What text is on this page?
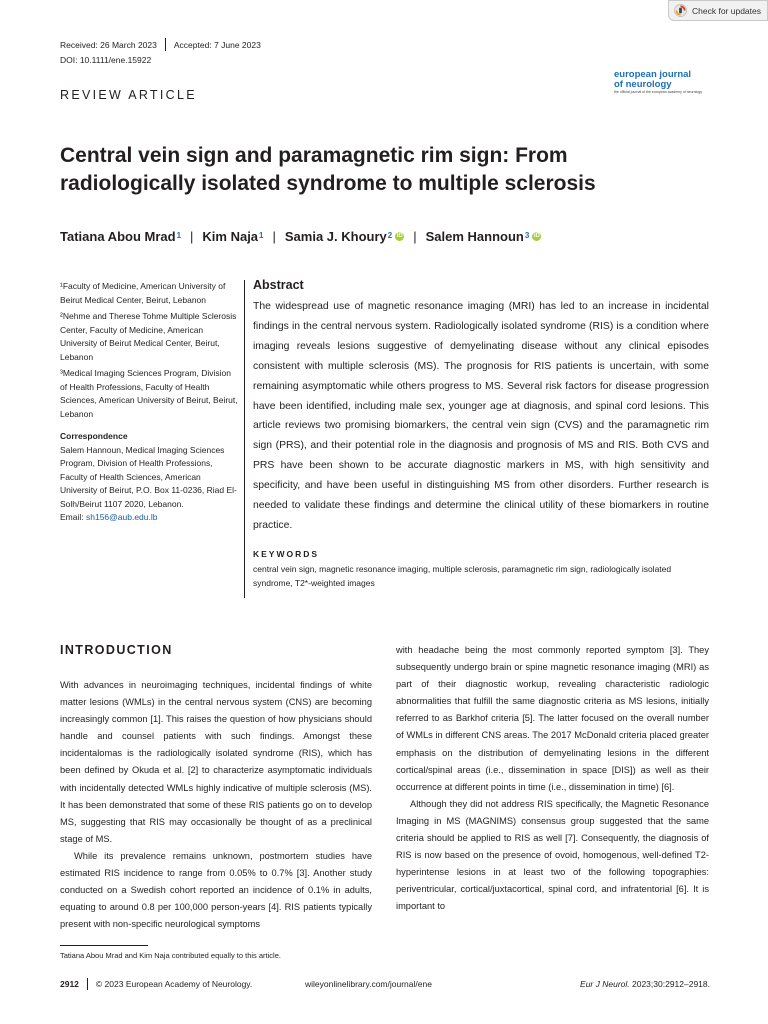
Check for updates
Received: 26 March 2023 Accepted: 7 June 2023
DOI: 10.1111/ene.15922
european journal
of neurology
the official journal of the european academy of neurology
REVIEW ARTICLE
Central vein sign and paramagnetic rim sign: From radiologically isolated syndrome to multiple sclerosis
Tatiana Abou Mrad$^1$ | Kim Naja$^1$ | Samia J. Khoury$^2$ iD | Salem Hannoun$^3$ iD

¹Faculty of Medicine, American University of Beirut Medical Center, Beirut, Lebanon

²Nehme and Therese Tohme Multiple Sclerosis Center, Faculty of Medicine, American University of Beirut Medical Center, Beirut, Lebanon

³Medical Imaging Sciences Program, Division of Health Professions, Faculty of Health Sciences, American University of Beirut, Beirut, Lebanon

Correspondence
Salem Hannoun, Medical Imaging Sciences Program, Division of Health Professions, Faculty of Health Sciences, American University of Beirut, P.O. Box 11-0236, Riad El-Solh/Beirut 1107 2020, Lebanon.
Email: sh156@aub.edu.lb
Abstract
The widespread use of magnetic resonance imaging (MRI) has led to an increase in incidental findings in the central nervous system. Radiologically isolated syndrome (RIS) is a condition where imaging reveals lesions suggestive of demyelinating disease without any clinical episodes consistent with multiple sclerosis (MS). The prognosis for RIS patients is uncertain, with some remaining asymptomatic while others progress to MS. Several risk factors for disease progression have been identified, including male sex, younger age at diagnosis, and spinal cord lesions. This article reviews two promising biomarkers, the central vein sign (CVS) and the paramagnetic rim sign (PRS), and their potential role in the diagnosis and prognosis of MS and RIS. Both CVS and PRS have been shown to be accurate diagnostic markers in MS, with high sensitivity and specificity, and have been useful in distinguishing MS from other disorders. Further research is needed to validate these findings and determine the clinical utility of these biomarkers in routine practice.
KEYWORDS
central vein sign, magnetic resonance imaging, multiple sclerosis, paramagnetic rim sign, radiologically isolated syndrome, T2*-weighted images
INTRODUCTION

With advances in neuroimaging techniques, incidental findings of white matter lesions (WMLs) in the central nervous system (CNS) are becoming increasingly common [1]. This raises the question of how physicians should handle and counsel patients with such findings. Amongst these incidentalomas is the radiologically isolated syndrome (RIS), which has been defined by Okuda et al. [2] to characterize asymptomatic individuals with incidentally detected WMLs highly indicative of multiple sclerosis (MS). It has been demonstrated that some of these RIS patients go on to develop MS, suggesting that RIS may occasionally be thought of as a preclinical stage of MS.

While its prevalence remains unknown, postmortem studies have estimated RIS incidence to range from 0.05% to 0.7% [3]. Another study conducted on a Swedish cohort reported an incidence of 0.1% in adults, equating to around 0.8 per 100,000 person-years [4]. RIS patients typically present with non-specific neurological symptoms

with headache being the most commonly reported symptom [3]. They subsequently undergo brain or spine magnetic resonance imaging (MRI) as part of their diagnostic workup, revealing characteristic radiologic abnormalities that fulfill the same diagnostic criteria as MS lesions, initially referred to as Barkhof criteria [5]. The latter focused on the overall number of WMLs in different CNS areas. The 2017 McDonald criteria placed greater emphasis on the distribution of demyelinating lesions in the different cortical/spinal areas (i.e., dissemination in space [DIS]) as well as their occurrence at different points in time (i.e., dissemination in time) [6].

Although they did not address RIS specifically, the Magnetic Resonance Imaging in MS (MAGNIMS) consensus group suggested that the same criteria should be applied to RIS as well [7]. Consequently, the diagnosis of RIS is now based on the presence of ovoid, homogenous, well-defined T2-hyperintense lesions in at least two of the following topographies: periventricular, cortical/juxtacortical, spinal cord, and infratentorial [6]. It is important to

Tatiana Abou Mrad and Kim Naja contributed equally to this article.
2912 © 2023 European Academy of Neurology.	wileyonlinelibrary.com/journal/ene	Eur J Neurol. 2023;30:2912–2918.
